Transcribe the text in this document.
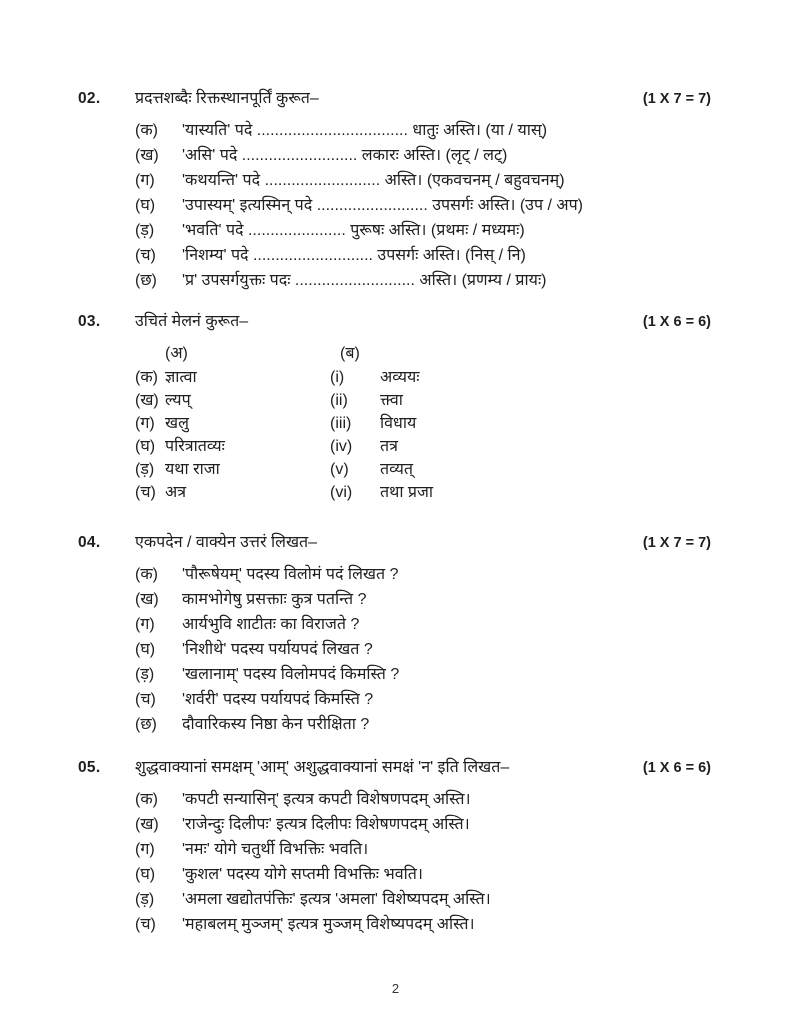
02.	प्रदत्तशब्दैः रिक्तस्थानपूर्तिं कुरूत–	(1 X 7 = 7)
(क)	'यास्यति' पदे .................................. धातुः अस्ति। (या / यास्)
(ख)	'असि' पदे .......................... लकारः अस्ति। (लृट् / लट्)
(ग)	'कथयन्ति' पदे .......................... अस्ति। (एकवचनम् / बहुवचनम्)
(घ)	'उपास्यम्' इत्यस्मिन् पदे ......................... उपसर्गः अस्ति। (उप / अप)
(ड़)	'भवति' पदे ...................... पुरूषः अस्ति। (प्रथमः / मध्यमः)
(च)	'निशम्य' पदे ........................... उपसर्गः अस्ति। (निस् / नि)
(छ)	'प्र' उपसर्गयुक्तः पदः ........................... अस्ति। (प्रणम्य / प्रायः)
03.	उचितं मेलनं कुरूत–	(1 X 6 = 6)
(अ)	(ब)
(क) ज्ञात्वा	(i)	अव्ययः
(ख) ल्यप्	(ii)	क्त्वा
(ग) खलु	(iii)	विधाय
(घ) परित्रातव्यः	(iv)	तत्र
(ड़) यथा राजा	(v)	तव्यत्
(च) अत्र	(vi)	तथा प्रजा
04.	एकपदेन / वाक्येन उत्तरं लिखत–	(1 X 7 = 7)
(क)	'पौरूषेयम्' पदस्य विलोमं पदं लिखत ?
(ख)	कामभोगेषु प्रसक्ताः कुत्र पतन्ति ?
(ग)	आर्यभुवि शाटीतः का विराजते ?
(घ)	'निशीथे' पदस्य पर्यायपदं लिखत ?
(ड़)	'खलानाम्' पदस्य विलोमपदं किमस्ति ?
(च)	'शर्वरी' पदस्य पर्यायपदं किमस्ति ?
(छ)	दौवारिकस्य निष्ठा केन परीक्षिता ?
05.	शुद्धवाक्यानां समक्षम् 'आम्' अशुद्धवाक्यानां समक्षं 'न' इति लिखत–	(1 X 6 = 6)
(क)	'कपटी सन्यासिन्' इत्यत्र कपटी विशेषणपदम् अस्ति।
(ख)	'राजेन्दुः दिलीपः' इत्यत्र दिलीपः विशेषणपदम् अस्ति।
(ग)	'नमः' योगे चतुर्थी विभक्तिः भवति।
(घ)	'कुशल' पदस्य योगे सप्तमी विभक्तिः भवति।
(ड़)	'अमला खद्योतपंक्तिः' इत्यत्र 'अमला' विशेष्यपदम् अस्ति।
(च)	'महाबलम् मुञ्जम्' इत्यत्र मुञ्जम् विशेष्यपदम् अस्ति।
2
